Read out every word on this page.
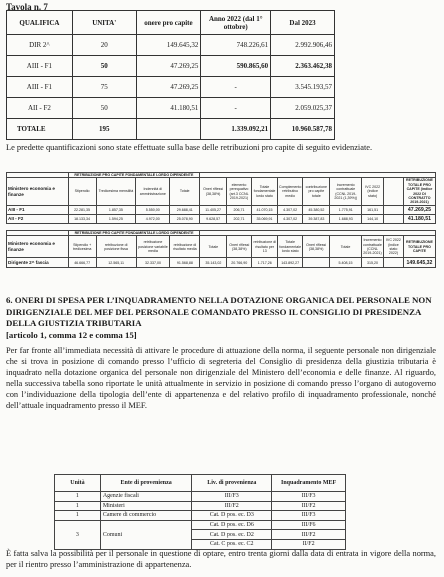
Tavola n. 7
QUALIFICA	UNITA'	onere pro capite	Anno 2022 (dal 1° ottobre)	Dal 2023
DIR 2^	20	149.645,32	748.226,61	2.992.906,46
AIII - F1	50	47.269,25	590.865,60	2.363.462,38
AIII - F1	75	47.269,25	-	3.545.193,57
AII - F2	50	41.180,51	-	2.059.025,37
TOTALE	195		1.339.092,21	10.960.587,78
Le predette quantificazioni sono state effettuate sulla base delle retribuzioni pro capite di seguito evidenziate.
	RETRIBUZIONE PRO CAPITE FONDAMENTALE LORDO DIPENDENTE												
Ministero economia e finanze	Stipendio	Tredicesima mensilità	Indennità di amministrazione	Totale	Oneri riflessi (38,38%)	elemento perequativo (art.3 CCNL 2019-2021)	Totale fondamentale lordo stato	Complemento retributivo medio	contribuzione pro capite totale	incremento contrattuale (CCNL 2019-2021 (1,39%))	IVC 2022 (indice stato)		RETRIBUZIONE TOTALE PRO CAPITE (indice 2022 DI CONTRATTO 2019-2021)
AIII - F1	22.281,35	1.857,35	5.550,00	29.688,41	11.405,27	206,71	41.070,15	4.307,02	45.380,52	1.775,91	161,51		47.269,25
AII - F2	18.133,34	1.594,25	4.972,00	25.078,90	9.628,57	202,71	35.069,91	4.307,02	39.387,83	1.688,93	144,10		41.180,51
	RETRIBUZIONE PRO CAPITE FONDAMENTALE LORDO DIPENDENTE												
Ministero economia e finanze	Stipendio + tredicesima	retribuzione di posizione fissa	retribuzione posizione variabile media	retribuzione di risultato media	Totale	Oneri riflessi (38,38%)	retribuzione di risultato per 13	Totale fondamentale lordo stato	Oneri riflessi (38,38%)	Totale	Incremento contrattuale (CCNL 2019-2021)	IVC 2022 (indice stato 2022)	RETRIBUZIONE TOTALE PRO CAPITE
Dirigente 2^ fascia	46.666,77	12.565,11	32.337,00	91.568,88	35.143,02	20.766,90	1.717,26	143.892,27		5.408,15	315,20		149.645,32
6. ONERI DI SPESA PER L’INQUADRAMENTO NELLA DOTAZIONE ORGANICA DEL PERSONALE NON DIRIGENZIALE DEL MEF DEL PERSONALE COMANDATO PRESSO IL CONSIGLIO DI PRESIDENZA DELLA GIUSTIZIA TRIBUTARIA
[articolo 1, comma 12 e comma 15]
Per far fronte all’immediata necessità di attivare le procedure di attuazione della norma, il seguente personale non dirigenziale che si trova in posizione di comando presso l’ufficio di segreteria del Consiglio di presidenza della giustizia tributaria è inquadrato nella dotazione organica del personale non dirigenziale del Ministero dell’economia e delle finanze. Al riguardo, nella successiva tabella sono riportate le unità attualmente in servizio in posizione di comando presso l’organo di autogoverno con l’individuazione della tipologia dell’ente di appartenenza e del relativo profilo di inquadramento professionale, nonché dell’attuale inquadramento presso il MEF.
Unità	Ente di provenienza	Liv. di provenienza	Inquadramento MEF
1	Agenzie fiscali	III/F3	III/F3
1	Ministeri	III/F2	III/F2
1	Camere di commercio	Cat. D pos. ec. D3	III/F3
3	Comuni	Cat. D pos. ec. D6	III/F6
		Cat. D pos. ec. D2	III/F2
		Cat. C pos. ec. C2	II/F2
È fatta salva la possibilità per il personale in questione di optare, entro trenta giorni dalla data di entrata in vigore della norma, per il rientro presso l’amministrazione di appartenenza.
